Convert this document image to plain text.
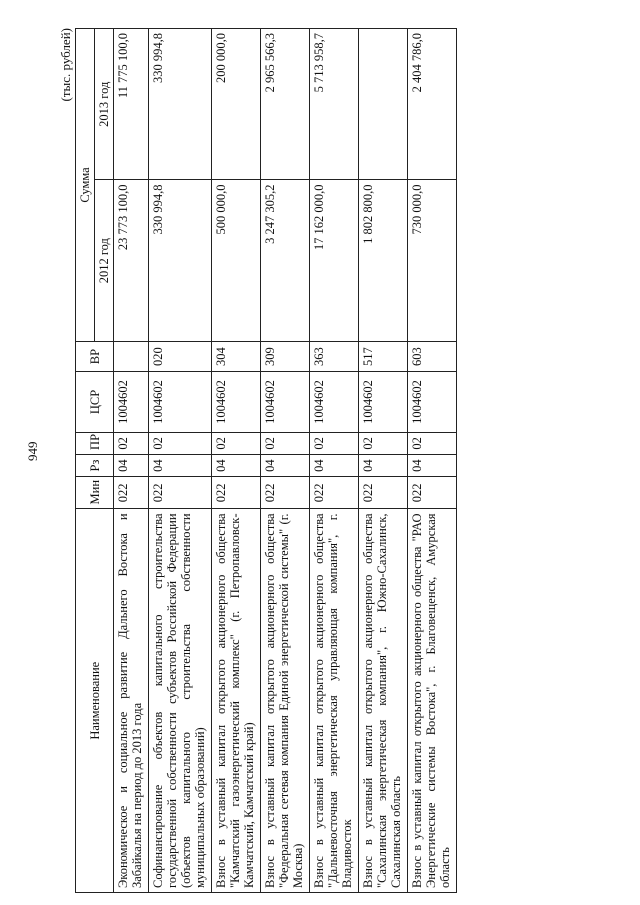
949
(тыс. рублей)
Наименование	Мин	Рз	ПР	ЦСР	ВР	Сумма	
						2012 год	2013 год
Экономическое и социальное развитие Дальнего Востока и Забайкалья на период до 2013 года	022	04	02	1004602		23 773 100,0	11 775 100,0
Софинансирование объектов капитального строительства государственной собственности субъектов Российской Федерации (объектов капитального строительства собственности муниципальных образований)	022	04	02	1004602	020	330 994,8	330 994,8
Взнос в уставный капитал открытого акционерного общества "Камчатский газоэнергетический комплекс" (г. Петропавловск-Камчатский, Камчатский край)	022	04	02	1004602	304	500 000,0	200 000,0
Взнос в уставный капитал открытого акционерного общества "Федеральная сетевая компания Единой энергетической системы" (г. Москва)	022	04	02	1004602	309	3 247 305,2	2 965 566,3
Взнос в уставный капитал открытого акционерного общества "Дальневосточная энергетическая управляющая компания", г. Владивосток	022	04	02	1004602	363	17 162 000,0	5 713 958,7
Взнос в уставный капитал открытого акционерного общества "Сахалинская энергетическая компания", г. Южно-Сахалинск, Сахалинская область	022	04	02	1004602	517	1 802 800,0	
Взнос в уставный капитал открытого акционерного общества "РАО Энергетические системы Востока", г. Благовещенск, Амурская область	022	04	02	1004602	603	730 000,0	2 404 786,0
